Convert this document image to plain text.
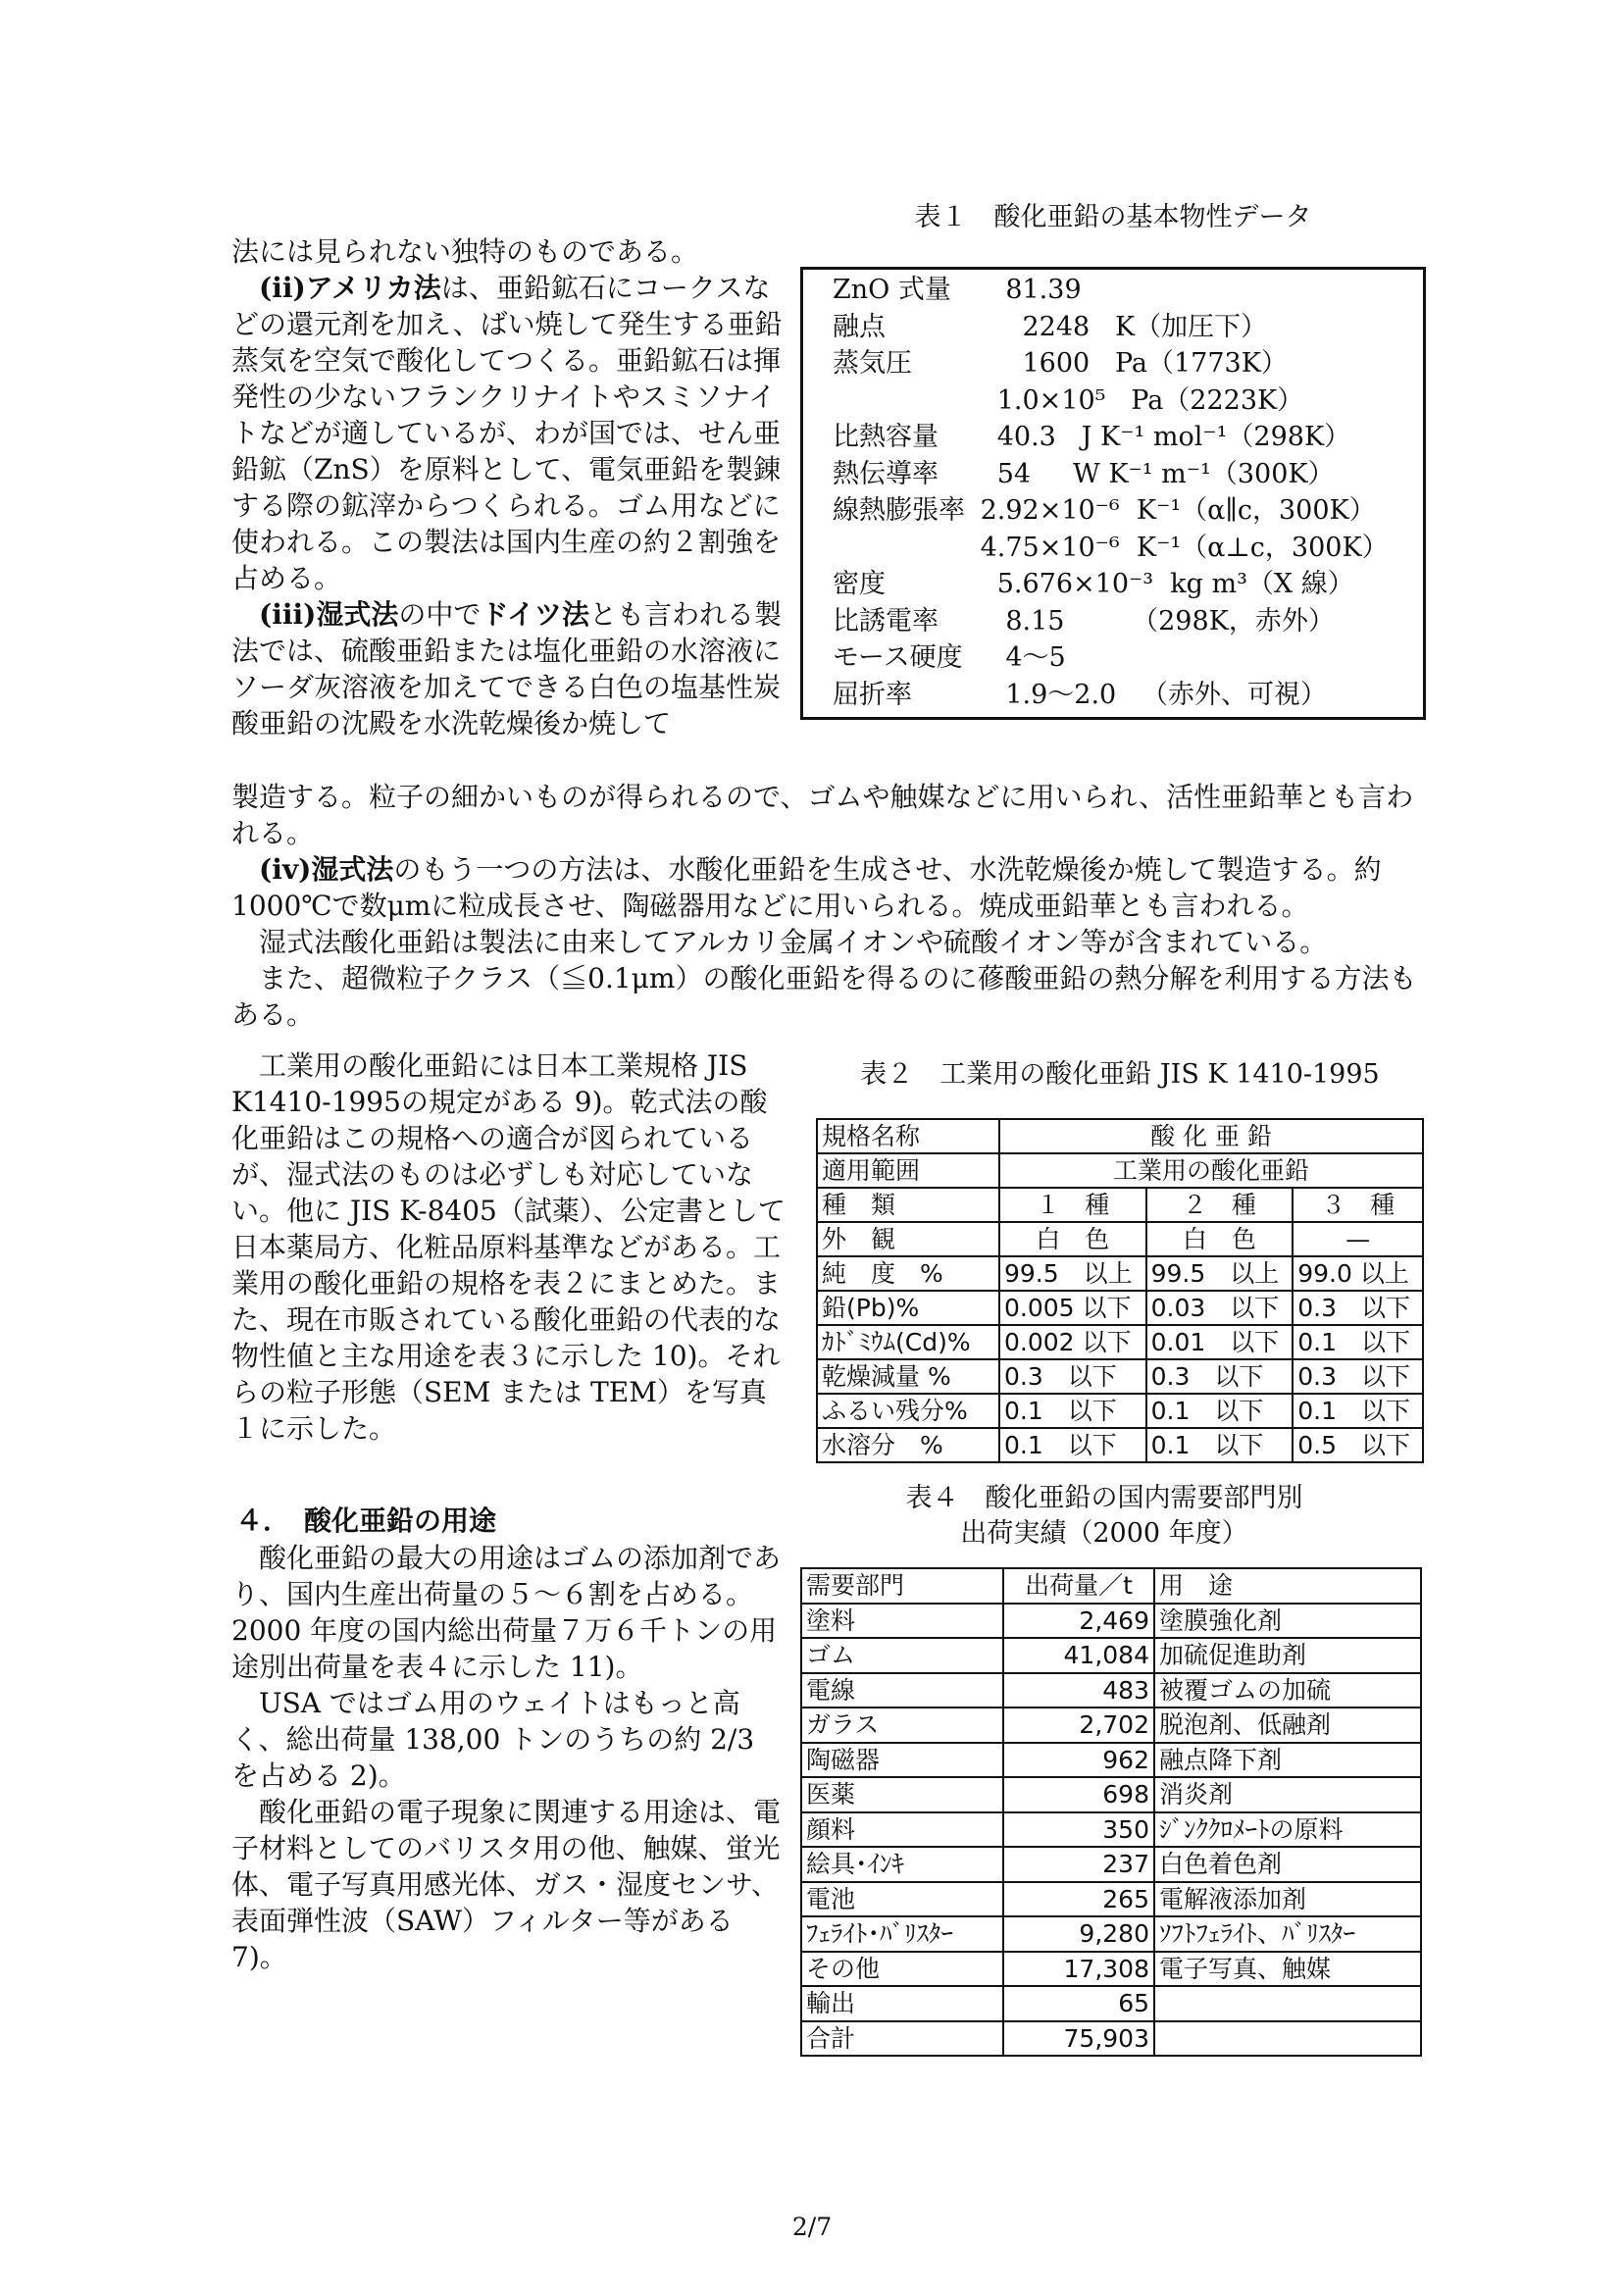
法には見られない独特のものである。

(ii)アメリカ法は、亜鉛鉱石にコークスなどの還元剤を加え、ばい焼して発生する亜鉛蒸気を空気で酸化してつくる。亜鉛鉱石は揮発性の少ないフランクリナイトやスミソナイトなどが適しているが、わが国では、せん亜鉛鉱（ZnS）を原料として、電気亜鉛を製錬する際の鉱滓からつくられる。ゴム用などに使われる。この製法は国内生産の約２割強を占める。

(iii)湿式法の中でドイツ法とも言われる製法では、硫酸亜鉛または塩化亜鉛の水溶液にソーダ灰溶液を加えてできる白色の塩基性炭酸亜鉛の沈殿を水洗乾燥後か焼して

表１　酸化亜鉛の基本物性データ
ZnO 式量 81.39
融点	2248   K（加圧下）
蒸気圧	1600   Pa（1773K）
1.0×10⁵   Pa（2223K）
比熱容量	40.3   J K⁻¹ mol⁻¹（298K）
熱伝導率	54     W K⁻¹ m⁻¹（300K）
線熱膨張率 2.92×10⁻⁶  K⁻¹（α∥c，300K）
4.75×10⁻⁶  K⁻¹（α⊥c，300K）
密度	5.676×10⁻³  kg m³（X 線）
比誘電率	8.15        （298K，赤外）
モース硬度 4～5
屈折率	1.9～2.0   （赤外、可視）

製造する。粒子の細かいものが得られるので、ゴムや触媒などに用いられ、活性亜鉛華とも言われる。

(iv)湿式法のもう一つの方法は、水酸化亜鉛を生成させ、水洗乾燥後か焼して製造する。約1000℃で数μmに粒成長させ、陶磁器用などに用いられる。焼成亜鉛華とも言われる。

湿式法酸化亜鉛は製法に由来してアルカリ金属イオンや硫酸イオン等が含まれている。

また、超微粒子クラス（≦0.1μm）の酸化亜鉛を得るのに蓚酸亜鉛の熱分解を利用する方法もある。

工業用の酸化亜鉛には日本工業規格 JIS K1410-1995の規定がある 9)。乾式法の酸化亜鉛はこの規格への適合が図られているが、湿式法のものは必ずしも対応していない。他に JIS K-8405（試薬）、公定書として日本薬局方、化粧品原料基準などがある。工業用の酸化亜鉛の規格を表２にまとめた。また、現在市販されている酸化亜鉛の代表的な物性値と主な用途を表３に示した 10)。それらの粒子形態（SEM または TEM）を写真１に示した。

４．　酸化亜鉛の用途

酸化亜鉛の最大の用途はゴムの添加剤であり、国内生産出荷量の５～６割を占める。2000 年度の国内総出荷量７万６千トンの用途別出荷量を表４に示した 11)。

USA ではゴム用のウェイトはもっと高く、総出荷量 138,00 トンのうちの約 2/3 を占める 2)。

酸化亜鉛の電子現象に関連する用途は、電子材料としてのバリスタ用の他、触媒、蛍光体、電子写真用感光体、ガス・湿度センサ、表面弾性波（SAW）フィルター等がある 7)。

表２　工業用の酸化亜鉛 JIS K 1410-1995
規格名称	酸 化 亜 鉛		
適用範囲	工業用の酸化亜鉛		
種　類	１　種	２　種	３　種
外　観	白　色	白　色	—
純　度　%	99.5　以上	99.5　以上	99.0 以上
鉛(Pb)%	0.005 以下	0.03　以下	0.3　以下
ｶﾄﾞﾐｳﾑ(Cd)%	0.002 以下	0.01　以下	0.1　以下
乾燥減量 %	0.3　以下	0.3　以下	0.3　以下
ふるい残分%	0.1　以下	0.1　以下	0.1　以下
水溶分　%	0.1　以下	0.1　以下	0.5　以下
表４　酸化亜鉛の国内需要部門別
出荷実績（2000 年度）
需要部門	出荷量／t	用　途
塗料	2,469	塗膜強化剤
ゴム	41,084	加硫促進助剤
電線	483	被覆ゴムの加硫
ガラス	2,702	脱泡剤、低融剤
陶磁器	962	融点降下剤
医薬	698	消炎剤
顔料	350	ｼﾞﾝｸｸﾛﾒｰﾄの原料
絵具･ｲﾝｷ	237	白色着色剤
電池	265	電解液添加剤
ﾌｪﾗｲﾄ･ﾊﾞﾘｽﾀｰ	9,280	ｿﾌﾄﾌｪﾗｲﾄ、ﾊﾞﾘｽﾀｰ
その他	17,308	電子写真、触媒
輸出	65	
合計	75,903	
2/7
